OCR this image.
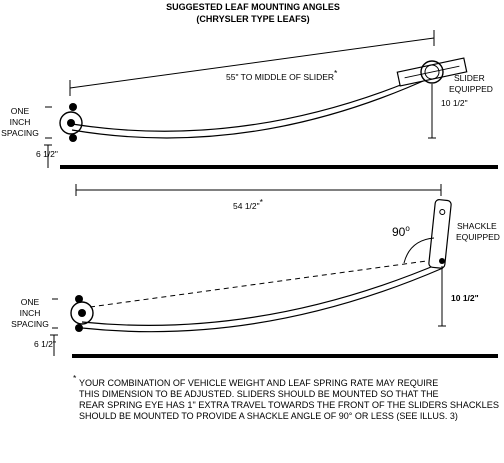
SUGGESTED LEAF MOUNTING ANGLES
(CHRYSLER TYPE LEAFS)
55" TO MIDDLE OF SLIDER*
ONE
INCH
SPACING
6 1/2"
10 1/2"
SLIDER
EQUIPPED
54 1/2"*
ONE
INCH
SPACING
6 1/2"
90$^o$
10 1/2"
SHACKLE
EQUIPPED
* YOUR COMBINATION OF VEHICLE WEIGHT AND LEAF SPRING RATE MAY REQUIRE
THIS DIMENSION TO BE ADJUSTED. SLIDERS SHOULD BE MOUNTED SO THAT THE
REAR SPRING EYE HAS 1" EXTRA TRAVEL TOWARDS THE FRONT OF THE SLIDERS SHACKLES
SHOULD BE MOUNTED TO PROVIDE A SHACKLE ANGLE OF 90° OR LESS (SEE ILLUS. 3)
